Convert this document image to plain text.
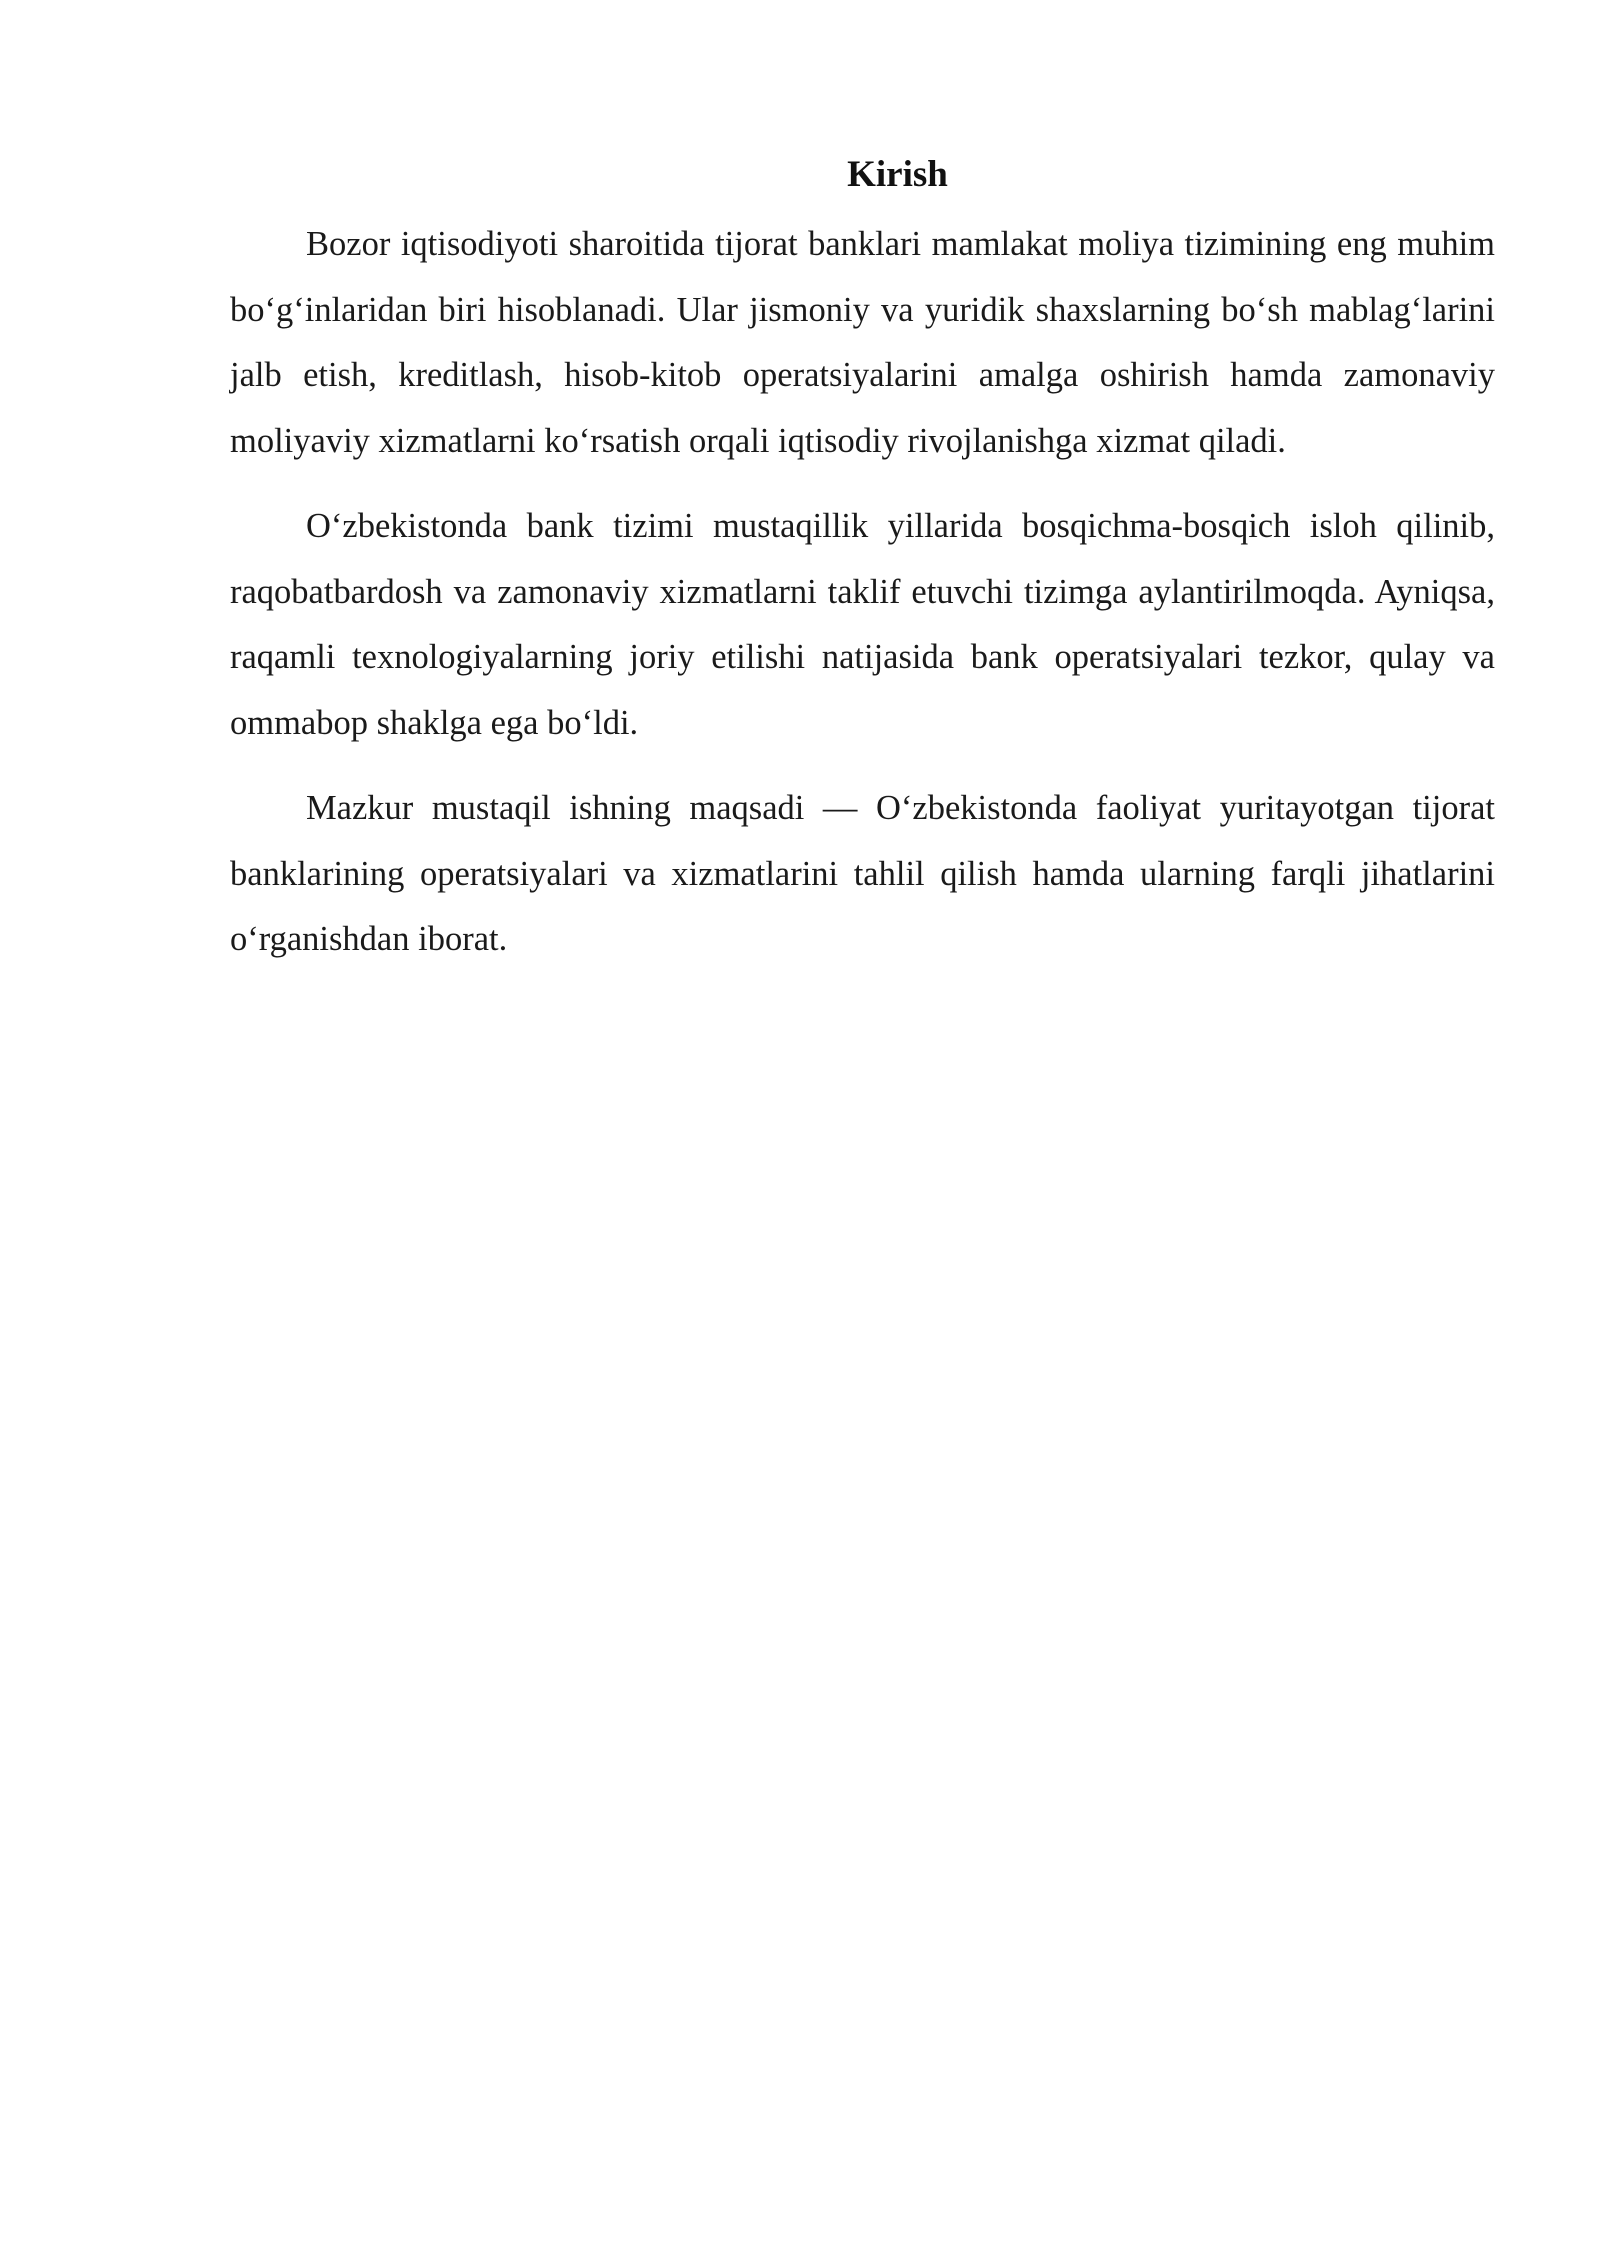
Kirish

Bozor iqtisodiyoti sharoitida tijorat banklari mamlakat moliya tizimining eng muhim bo‘g‘inlaridan biri hisoblanadi. Ular jismoniy va yuridik shaxslarning bo‘sh mablag‘larini jalb etish, kreditlash, hisob-kitob operatsiyalarini amalga oshirish hamda zamonaviy moliyaviy xizmatlarni ko‘rsatish orqali iqtisodiy rivojlanishga xizmat qiladi.

O‘zbekistonda bank tizimi mustaqillik yillarida bosqichma-bosqich isloh qilinib, raqobatbardosh va zamonaviy xizmatlarni taklif etuvchi tizimga aylantirilmoqda. Ayniqsa, raqamli texnologiyalarning joriy etilishi natijasida bank operatsiyalari tezkor, qulay va ommabop shaklga ega bo‘ldi.

Mazkur mustaqil ishning maqsadi — O‘zbekistonda faoliyat yuritayotgan tijorat banklarining operatsiyalari va xizmatlarini tahlil qilish hamda ularning farqli jihatlarini o‘rganishdan iborat.
